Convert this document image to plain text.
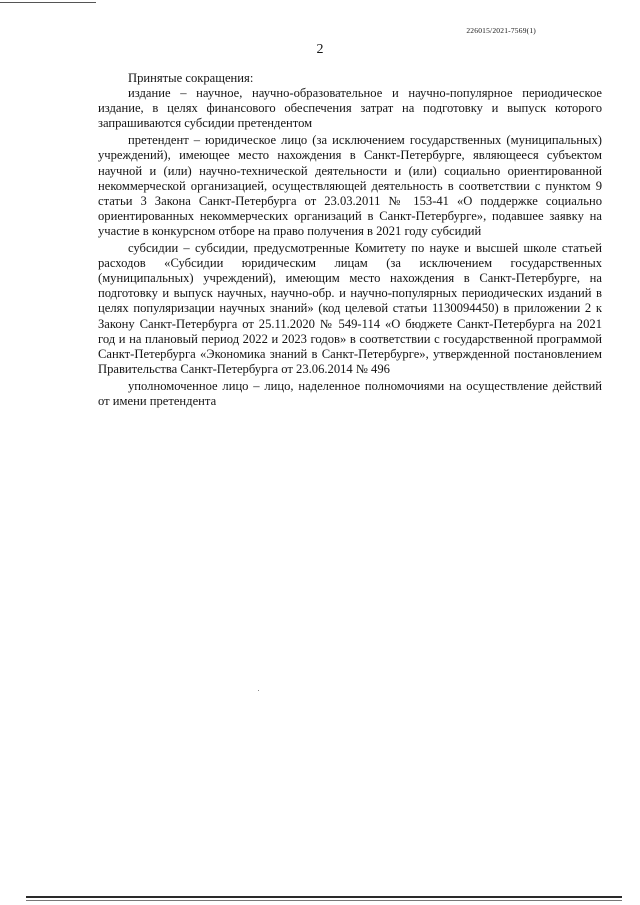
226015/2021-7569(1)
2

Принятые сокращения:

издание – научное, научно-образовательное и научно-популярное периодическое издание, в целях финансового обеспечения затрат на подготовку и выпуск которого запрашиваются субсидии претендентом

претендент – юридическое лицо (за исключением государственных (муниципальных) учреждений), имеющее место нахождения в Санкт-Петербурге, являющееся субъектом научной и (или) научно-технической деятельности и (или) социально ориентированной некоммерческой организацией, осуществляющей деятельность в соответствии с пунктом 9 статьи 3 Закона Санкт-Петербурга от 23.03.2011 № 153-41 «О поддержке социально ориентированных некоммерческих организаций в Санкт-Петербурге», подавшее заявку на участие в конкурсном отборе на право получения в 2021 году субсидий

субсидии – субсидии, предусмотренные Комитету по науке и высшей школе статьей расходов «Субсидии юридическим лицам (за исключением государственных (муниципальных) учреждений), имеющим место нахождения в Санкт-Петербурге, на подготовку и выпуск научных, научно-обр. и научно-популярных периодических изданий в целях популяризации научных знаний» (код целевой статьи 1130094450) в приложении 2 к Закону Санкт-Петербурга от 25.11.2020 № 549-114 «О бюджете Санкт-Петербурга на 2021 год и на плановый период 2022 и 2023 годов» в соответствии с государственной программой Санкт-Петербурга «Экономика знаний в Санкт-Петербурге», утвержденной постановлением Правительства Санкт-Петербурга от 23.06.2014 № 496

уполномоченное лицо – лицо, наделенное полномочиями на осуществление действий от имени претендента
